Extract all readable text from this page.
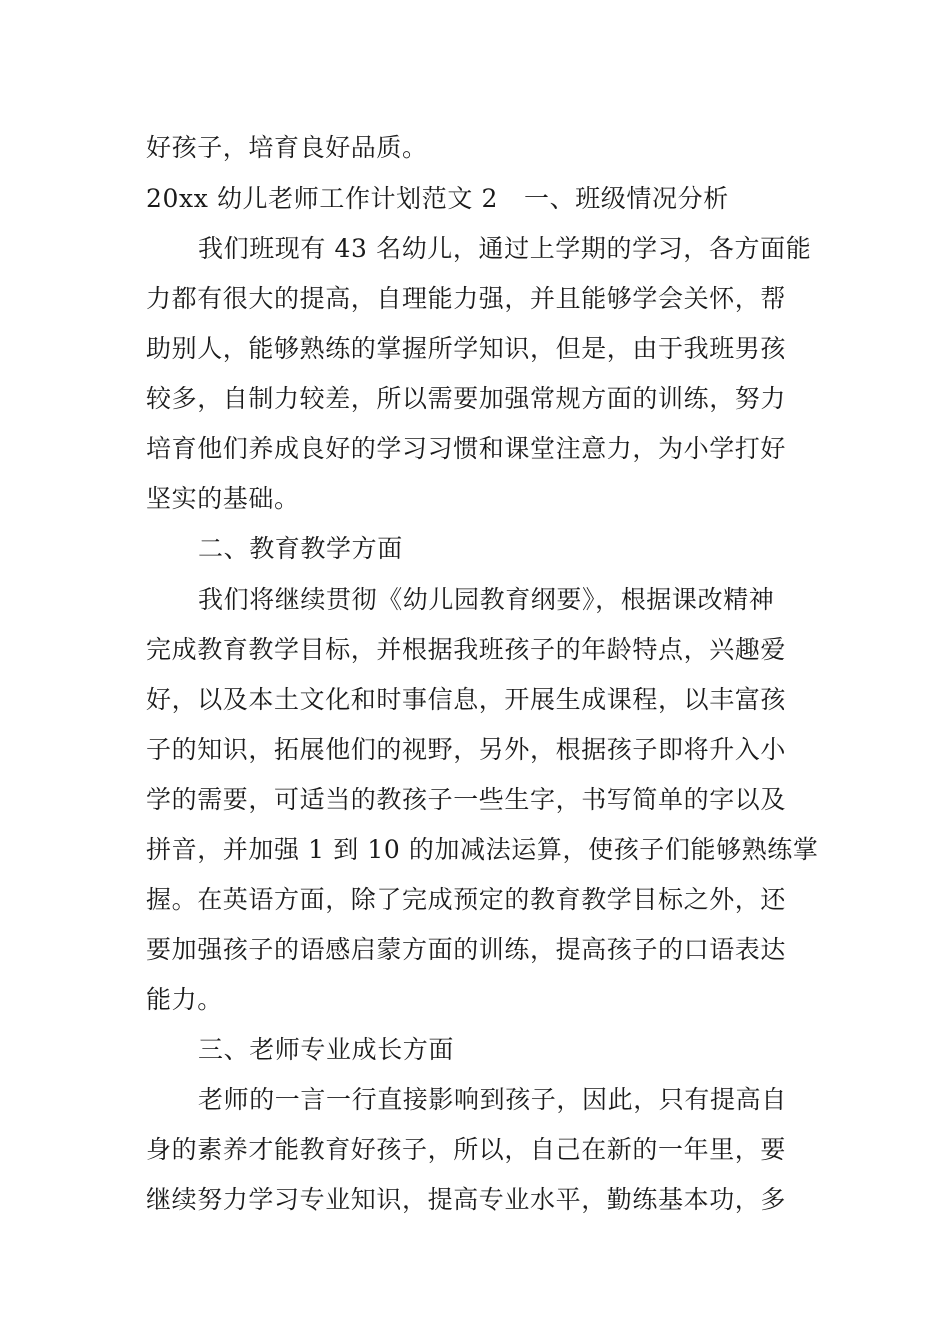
好孩子，培育良好品质。
20xx 幼儿老师工作计划范文 2 一、班级情况分析
我们班现有 43 名幼儿，通过上学期的学习，各方面能
力都有很大的提高，自理能力强，并且能够学会关怀，帮
助别人，能够熟练的掌握所学知识，但是，由于我班男孩
较多，自制力较差，所以需要加强常规方面的训练，努力
培育他们养成良好的学习习惯和课堂注意力，为小学打好
坚实的基础。
二、教育教学方面
我们将继续贯彻《幼儿园教育纲要》，根据课改精神
完成教育教学目标，并根据我班孩子的年龄特点，兴趣爱
好，以及本土文化和时事信息，开展生成课程，以丰富孩
子的知识，拓展他们的视野，另外，根据孩子即将升入小
学的需要，可适当的教孩子一些生字，书写简单的字以及
拼音，并加强 1 到 10 的加减法运算，使孩子们能够熟练掌
握。在英语方面，除了完成预定的教育教学目标之外，还
要加强孩子的语感启蒙方面的训练，提高孩子的口语表达
能力。
三、老师专业成长方面
老师的一言一行直接影响到孩子，因此，只有提高自
身的素养才能教育好孩子，所以，自己在新的一年里，要
继续努力学习专业知识，提高专业水平，勤练基本功，多
